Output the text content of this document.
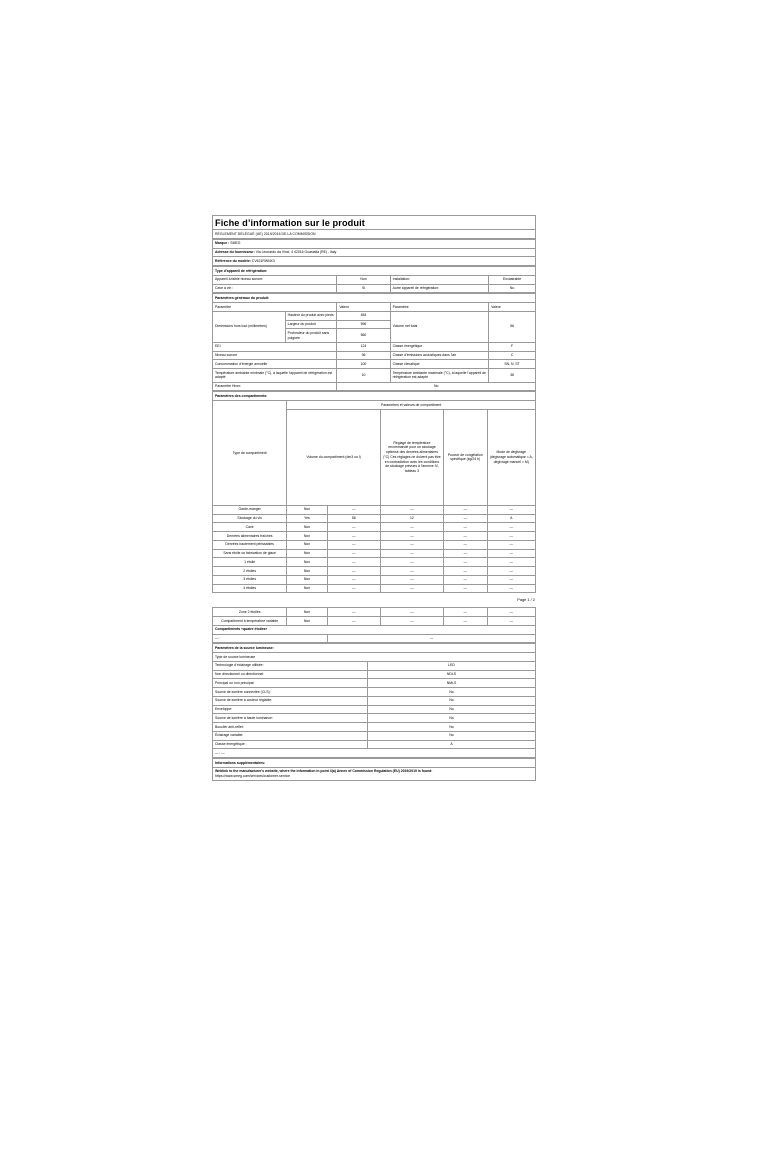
Fiche d’information sur le produit

RÈGLEMENT DÉLÉGUÉ (UE) 2019/2016 DE LA COMMISSION
Marque : SMEG
Adresse du fournisseur: Via Leonardo da Vinci, 4 42016 Guastalla (RE) - Italy
Référence du modèle: CV621RWNX3
Type d’appareil de réfrigération:			
Appareil à faible niveau sonore:	Non	Installation:	Encastrable
Cave à vin :	Si	Autre appareil de réfrigération:	No
Paramètres généraux du produit:				
Paramètre		Valeur	Paramètre	Valeur
Dimensions hors tout (millimètres)	Hauteur du produit avec pieds	454	Volume net total	56
	Largeur du produit	596		
	Profondeur du produit sans poignée	560		
EEI		124	Classe énergétique	F
Niveau sonore		36	Classe d’émissions acoustiques dans l’air	C
Consommation d’énergie annuelle		100	Classe climatique	SN, N, ST
Température ambiante minimale (°C), à laquelle l’appareil de réfrigération est adapté		10	Température ambiante maximale (°C), à laquelle l’appareil de réfrigération est adapté	38
Paramètre Hiver:		No		
Paramètres des compartiments:					
Type de compartiment	Paramètres et valeurs de compartiment				
	Volume du compartiment (dm3 ou l)		Réglage de température recommandé pour un stockage optimisé des denrées alimentaires (°C) Ces réglages ne doivent pas être en contradiction avec les conditions de stockage prévues à l’annexe IV, tableau 3	Pouvoir de congélation spécifique (kg/24 h)	Mode de dégivrage (dégivrage automatique = A, dégivrage manuel = M)
Garde-manger	Non	—	—	—	—
Stockage du vin	Yes	56	12	—	A
Cave	Non	—	—	—	—
Denrées alimentaires fraîches	Non	—	—	—	—
Denrées hautement périssables	Non	—	—	—	—
Sans étoile ou fabrication de glace	Non	—	—	—	—
1 étoile	Non	—	—	—	—
2 étoiles	Non	—	—	—	—
3 étoiles	Non	—	—	—	—
4 étoiles	Non	—	—	—	—
Page 1 / 2
Zone 2 étoiles	Non	—	—	—	—
Compartiment à température variable	Non	—	—	—	—
Compartiments «quatre étoiles»					
— :		—			
Paramètres de la source lumineuse:	
Type de source lumineuse	
Technologie d’éclairage utilisée:	LED
Non directionnel ou directionnel:	NDLS
Principal ou non principal:	NMLS
Source de lumière connectée (CLS):	No
Source de lumière à couleur réglable:	No
Enveloppe:	No
Source de lumière à haute luminance:	No
Bouclier anti-reflet:	No
Éclairage variable:	No
Classe énergétique :	A
— : —	
Informations supplémentaires:

Weblink to the manufacturer's website, where the information in point 4(a) Annex of Commission Regulation (EU) 2019/2019 is found:
https://www.smeg.com/services/customer-service
